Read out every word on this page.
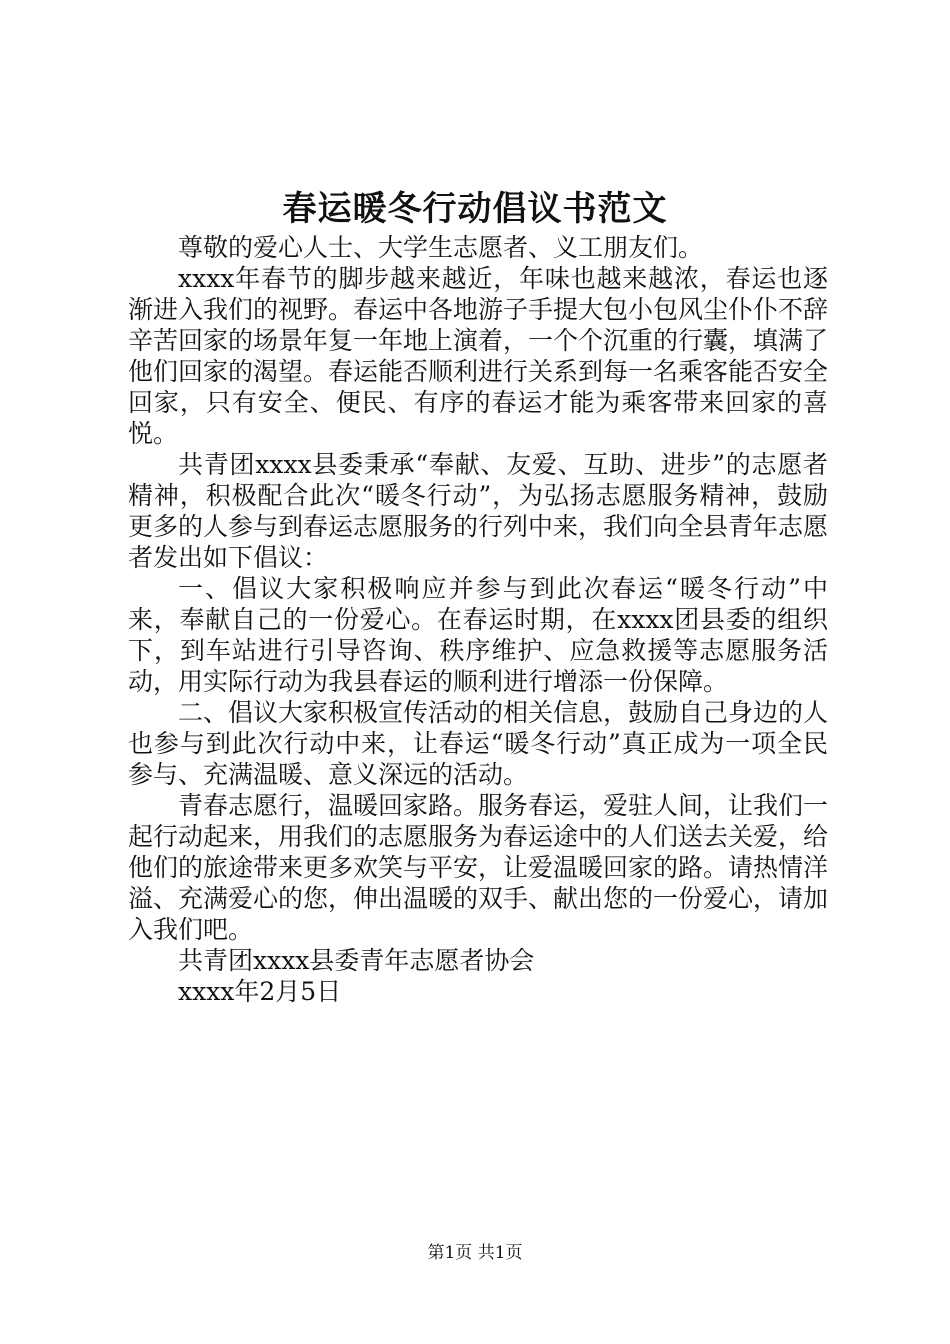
春运暖冬行动倡议书范文

尊敬的爱心人士、大学生志愿者、义工朋友们。

xxxx年春节的脚步越来越近，年味也越来越浓，春运也逐渐进入我们的视野。春运中各地游子手提大包小包风尘仆仆不辞辛苦回家的场景年复一年地上演着，一个个沉重的行囊，填满了他们回家的渴望。春运能否顺利进行关系到每一名乘客能否安全回家，只有安全、便民、有序的春运才能为乘客带来回家的喜悦。

共青团xxxx县委秉承“奉献、友爱、互助、进步”的志愿者精神，积极配合此次“暖冬行动”，为弘扬志愿服务精神，鼓励更多的人参与到春运志愿服务的行列中来，我们向全县青年志愿者发出如下倡议：

一、倡议大家积极响应并参与到此次春运“暖冬行动”中来，奉献自己的一份爱心。在春运时期，在xxxx团县委的组织下，到车站进行引导咨询、秩序维护、应急救援等志愿服务活动，用实际行动为我县春运的顺利进行增添一份保障。

二、倡议大家积极宣传活动的相关信息，鼓励自己身边的人也参与到此次行动中来，让春运“暖冬行动”真正成为一项全民参与、充满温暖、意义深远的活动。

青春志愿行，温暖回家路。服务春运，爱驻人间，让我们一起行动起来，用我们的志愿服务为春运途中的人们送去关爱，给他们的旅途带来更多欢笑与平安，让爱温暖回家的路。请热情洋溢、充满爱心的您，伸出温暖的双手、献出您的一份爱心，请加入我们吧。

共青团xxxx县委青年志愿者协会

xxxx年2月5日

第1页 共1页
